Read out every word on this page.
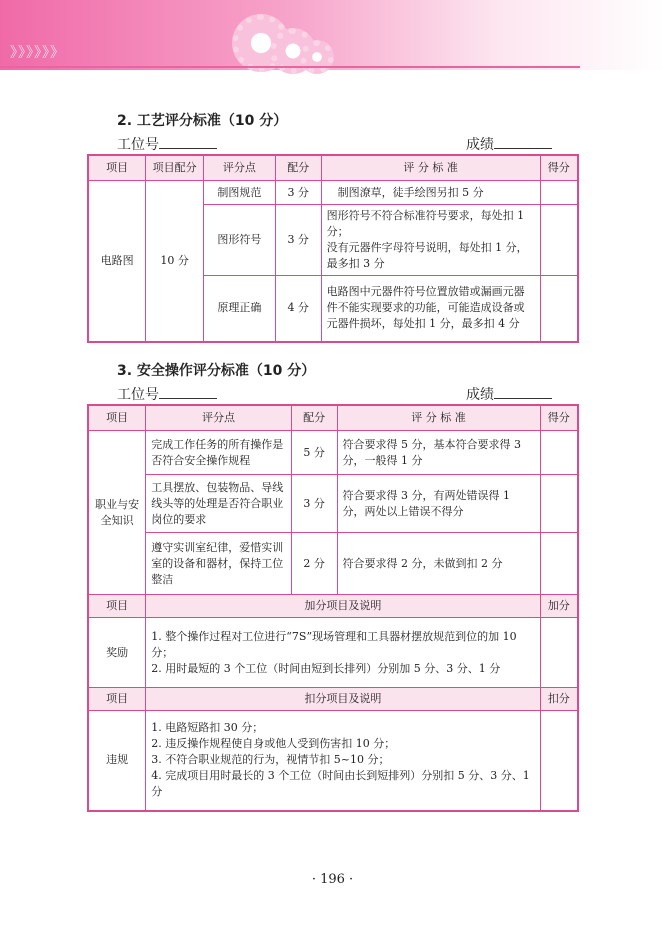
》》》》》》
2. 工艺评分标准（10 分）
工位号	成绩
项目	项目配分	评分点	配分	评 分 标 准	得分
电路图	10 分	制图规范	3 分	制图潦草，徒手绘图另扣 5 分	
		图形符号	3 分	图形符号不符合标准符号要求，每处扣 1 分；
没有元器件字母符号说明，每处扣 1 分，最多扣 3 分	
		原理正确	4 分	电路图中元器件符号位置放错或漏画元器件不能实现要求的功能，可能造成设备或元器件损坏，每处扣 1 分，最多扣 4 分	
3. 安全操作评分标准（10 分）
工位号	成绩
项目	评分点	配分	评 分 标 准	得分
职业与安全知识	完成工作任务的所有操作是否符合安全操作规程	5 分	符合要求得 5 分，基本符合要求得 3 分，一般得 1 分	
	工具摆放、包装物品、导线线头等的处理是否符合职业岗位的要求	3 分	符合要求得 3 分，有两处错误得 1 分，两处以上错误不得分	
	遵守实训室纪律，爱惜实训室的设备和器材，保持工位整洁	2 分	符合要求得 2 分，未做到扣 2 分	
项目	加分项目及说明			加分
奖励	1. 整个操作过程对工位进行“7S”现场管理和工具器材摆放规范到位的加 10 分；
2. 用时最短的 3 个工位（时间由短到长排列）分别加 5 分、3 分、1 分			

项目	扣分项目及说明			扣分
违规	1. 电路短路扣 30 分；
2. 违反操作规程使自身或他人受到伤害扣 10 分；
3. 不符合职业规范的行为，视情节扣 5~10 分；
4. 完成项目用时最长的 3 个工位（时间由长到短排列）分别扣 5 分、3 分、1 分			

· 196 ·
